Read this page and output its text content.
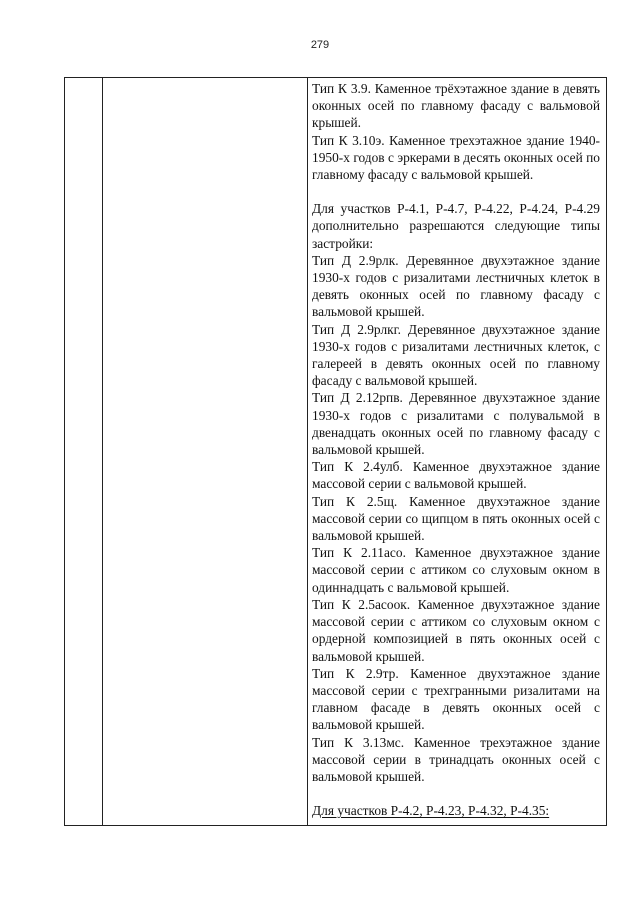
279

Тип К 3.9. Каменное трёхэтажное здание в девять оконных осей по главному фасаду с вальмовой крышей.

Тип К 3.10э. Каменное трехэтажное здание 1940-1950-х годов с эркерами в десять оконных осей по главному фасаду с вальмовой крышей.

Для участков Р-4.1, Р-4.7, Р-4.22, Р-4.24, Р-4.29 дополнительно разрешаются следующие типы застройки:

Тип Д 2.9рлк. Деревянное двухэтажное здание 1930-х годов с ризалитами лестничных клеток в девять оконных осей по главному фасаду с вальмовой крышей.

Тип Д 2.9рлкг. Деревянное двухэтажное здание 1930-х годов с ризалитами лестничных клеток, с галереей в девять оконных осей по главному фасаду с вальмовой крышей.

Тип Д 2.12рпв. Деревянное двухэтажное здание 1930-х годов с ризалитами с полувальмой в двенадцать оконных осей по главному фасаду с вальмовой крышей.

Тип К 2.4улб. Каменное двухэтажное здание массовой серии с вальмовой крышей.

Тип К 2.5щ. Каменное двухэтажное здание массовой серии со щипцом в пять оконных осей с вальмовой крышей.

Тип К 2.11асо. Каменное двухэтажное здание массовой серии с аттиком со слуховым окном в одиннадцать с вальмовой крышей.

Тип К 2.5асоок. Каменное двухэтажное здание массовой серии с аттиком со слуховым окном с ордерной композицией в пять оконных осей с вальмовой крышей.

Тип К 2.9тр. Каменное двухэтажное здание массовой серии с трехгранными ризалитами на главном фасаде в девять оконных осей с вальмовой крышей.

Тип К 3.13мс. Каменное трехэтажное здание массовой серии в тринадцать оконных осей с вальмовой крышей.

Для участков Р-4.2, Р-4.23, Р-4.32, Р-4.35:
